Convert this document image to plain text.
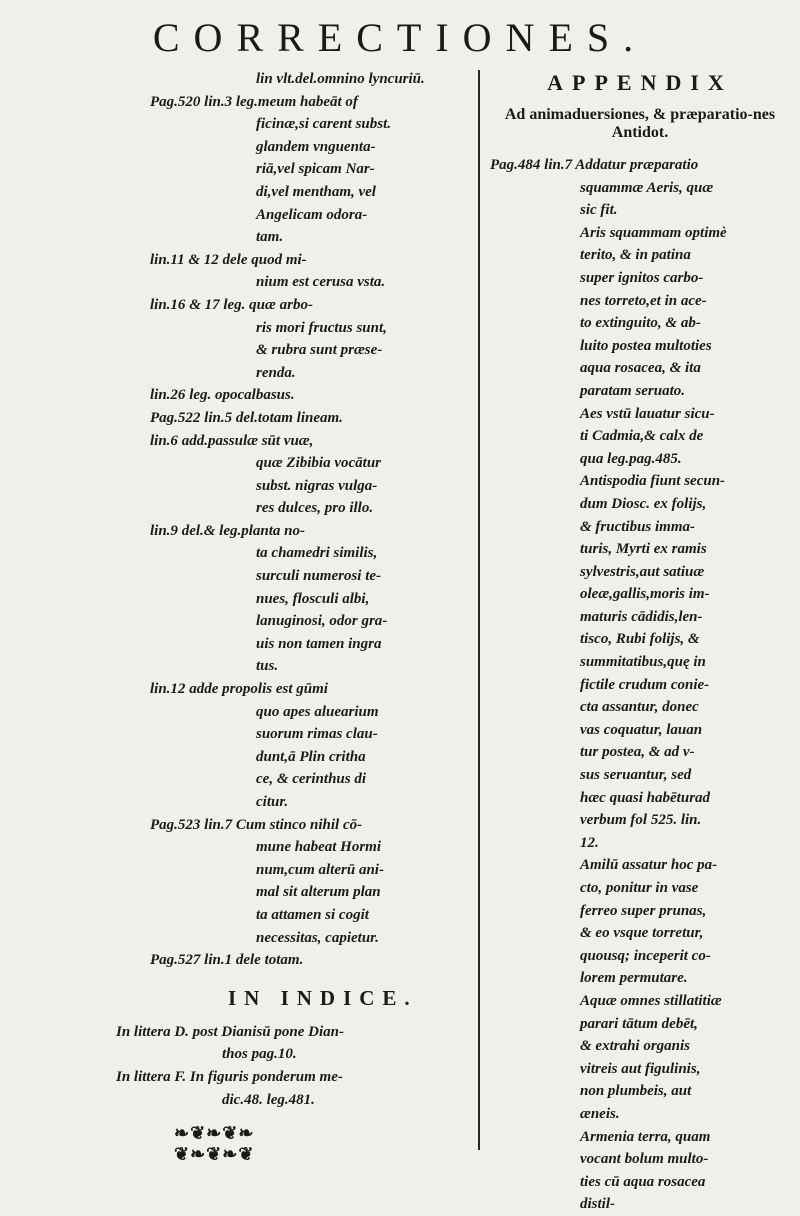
CORRECTIONES.
lin vlt.del.omnino lyncuriū.
Pag.520 lin.3 leg.meum habeāt of
ficinæ,si carent subst.
glandem vnguenta-
riā,vel spicam Nar-
di,vel mentham, vel
Angelicam odora-
tam.
lin.11 & 12 dele quod mi-
nium est cerusa vsta.
lin.16 & 17 leg. quæ arbo-
ris mori fructus sunt,
& rubra sunt præse-
renda.
lin.26 leg. opocalbasus.
Pag.522 lin.5 del.totam lineam.
lin.6 add.passulæ sūt vuæ,
quæ Zibibia vocātur
subst. nigras vulga-
res dulces, pro illo.
lin.9 del.& leg.planta no-
ta chamedri similis,
surculi numerosi te-
nues, flosculi albi,
lanuginosi, odor gra-
uis non tamen ingra
tus.
lin.12 adde propolis est gūmi
quo apes aluearium
suorum rimas clau-
dunt,ā Plin critha
ce, & cerinthus di
citur.
Pag.523 lin.7 Cum stinco nihil cō-
mune habeat Hormi
num,cum alterū ani-
mal sit alterum plan
ta attamen si cogit
necessitas, capietur.
Pag.527 lin.1 dele totam.
IN INDICE.
In littera D. post Dianisū pone Dian-
thos pag.10.
In littera F. In figuris ponderum me-
dic.48. leg.481.
❧❦❧❦❧
❦❧❦❧❦
APPENDIX
Ad animaduersiones, & præparatio-nes Antidot.
Pag.484 lin.7 Addatur præparatio
squammæ Aeris, quæ
sic fit.
Aris squammam optimè
terito, & in patina
super ignitos carbo-
nes torreto,et in ace-
to extinguito, & ab-
luito postea multoties
aqua rosacea, & ita
paratam seruato.
Aes vstū lauatur sicu-
ti Cadmia,& calx de
qua leg.pag.485.
Antispodia fiunt secun-
dum Diosc. ex folijs,
& fructibus imma-
turis, Myrti ex ramis
sylvestris,aut satiuæ
oleæ,gallis,moris im-
maturis cādidis,len-
tisco, Rubi folijs, &
summitatibus,quę in
fictile crudum conie-
cta assantur, donec
vas coquatur, lauan
tur postea, & ad v-
sus seruantur, sed
hæc quasi habēturad
verbum fol 525. lin.
12.
Amilū assatur hoc pa-
cto, ponitur in vase
ferreo super prunas,
& eo vsque torretur,
quousq; inceperit co-
lorem permutare.
Aquæ omnes stillatitiæ
parari tātum debēt,
& extrahi organis
vitreis aut figulinis,
non plumbeis, aut
æneis.
Armenia terra, quam
vocant bolum multo-
ties cū aqua rosacea
distil-
